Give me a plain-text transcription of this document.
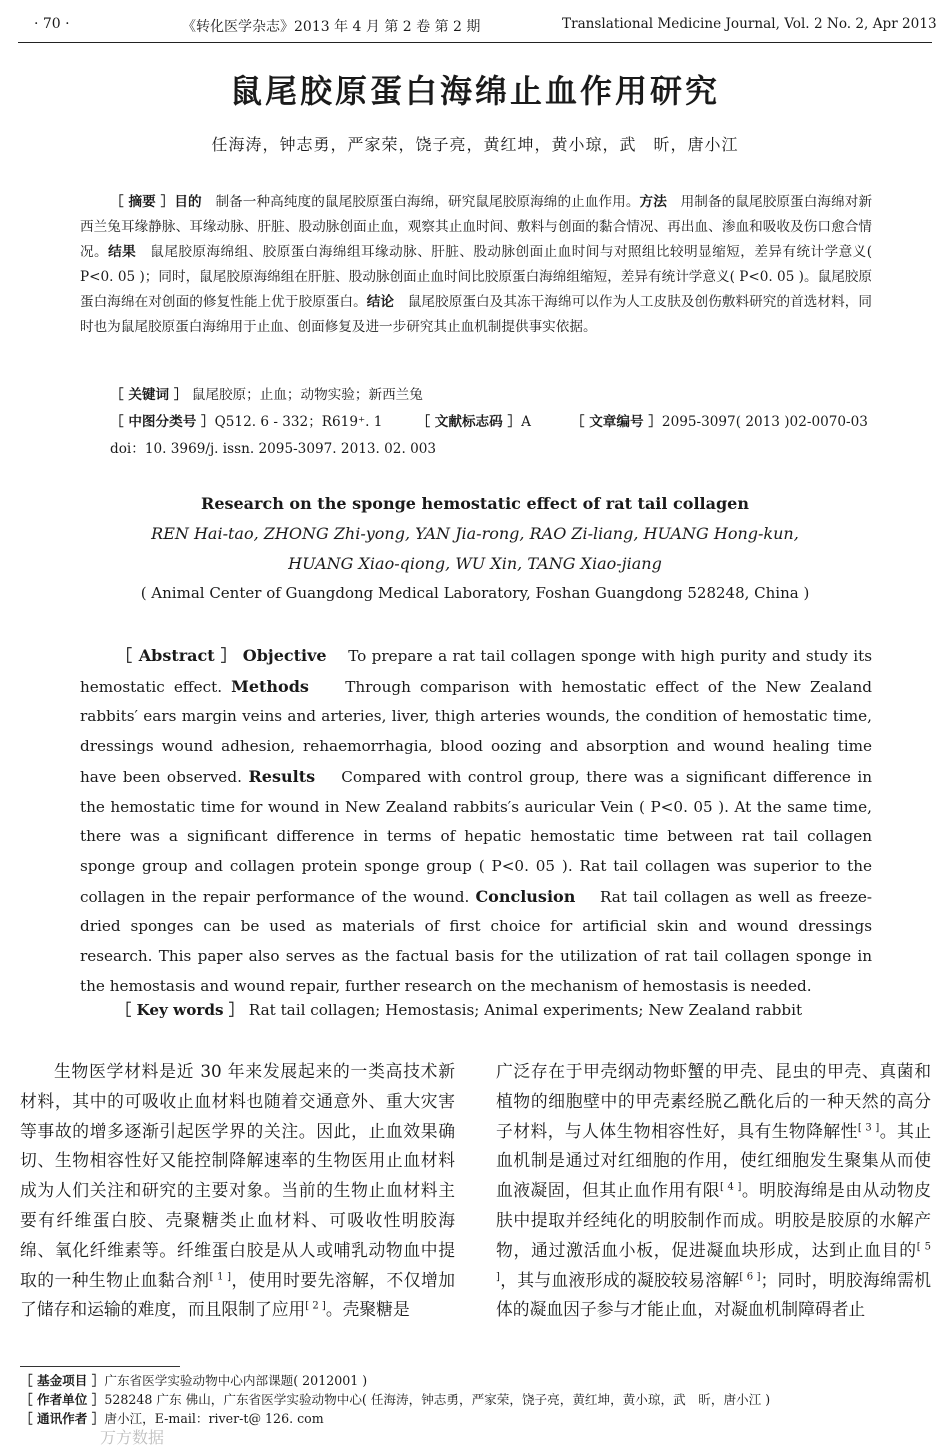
· 70 ·	《转化医学杂志》2013 年 4 月 第 2 卷 第 2 期	Translational Medicine Journal, Vol. 2 No. 2, Apr 2013
鼠尾胶原蛋白海绵止血作用研究
任海涛，钟志勇，严家荣，饶子亮，黄红坤，黄小琼，武　昕，唐小江

［ 摘要 ］目的　 制备一种高纯度的鼠尾胶原蛋白海绵，研究鼠尾胶原海绵的止血作用。方法　 用制备的鼠尾胶原蛋白海绵对新西兰兔耳缘静脉、耳缘动脉、肝脏、股动脉创面止血，观察其止血时间、敷料与创面的黏合情况、再出血、渗血和吸收及伤口愈合情况。结果　 鼠尾胶原海绵组、胶原蛋白海绵组耳缘动脉、肝脏、股动脉创面止血时间与对照组比较明显缩短，差异有统计学意义( P<0. 05 )；同时，鼠尾胶原海绵组在肝脏、股动脉创面止血时间比胶原蛋白海绵组缩短，差异有统计学意义( P<0. 05 )。鼠尾胶原蛋白海绵在对创面的修复性能上优于胶原蛋白。结论　 鼠尾胶原蛋白及其冻干海绵可以作为人工皮肤及创伤敷料研究的首选材料，同时也为鼠尾胶原蛋白海绵用于止血、创面修复及进一步研究其止血机制提供事实依据。

［ 关键词 ］ 鼠尾胶原；止血；动物实验；新西兰兔
［ 中图分类号 ］Q512. 6 - 332；R619⁺. 1	［ 文献标志码 ］A	［ 文章编号 ］2095-3097( 2013 )02-0070-03
doi：10. 3969/j. issn. 2095-3097. 2013. 02. 003
Research on the sponge hemostatic effect of rat tail collagen
REN Hai-tao, ZHONG Zhi-yong, YAN Jia-rong, RAO Zi-liang, HUANG Hong-kun,
HUANG Xiao-qiong, WU Xin, TANG Xiao-jiang
( Animal Center of Guangdong Medical Laboratory, Foshan Guangdong 528248, China )

［ Abstract ］ Objective To prepare a rat tail collagen sponge with high purity and study its hemostatic effect. Methods Through comparison with hemostatic effect of the New Zealand rabbits′ ears margin veins and arteries, liver, thigh arteries wounds, the condition of hemostatic time, dressings wound adhesion, rehaemorrhagia, blood oozing and absorption and wound healing time have been observed. Results Compared with control group, there was a significant difference in the hemostatic time for wound in New Zealand rabbits′s auricular Vein ( P<0. 05 ). At the same time, there was a significant difference in terms of hepatic hemostatic time between rat tail collagen sponge group and collagen protein sponge group ( P<0. 05 ). Rat tail collagen was superior to the collagen in the repair performance of the wound. Conclusion Rat tail collagen as well as freeze-dried sponges can be used as materials of first choice for artificial skin and wound dressings research. This paper also serves as the factual basis for the utilization of rat tail collagen sponge in the hemostasis and wound repair, further research on the mechanism of hemostasis is needed.

［ Key words ］ Rat tail collagen; Hemostasis; Animal experiments; New Zealand rabbit

生物医学材料是近 30 年来发展起来的一类高技术新材料，其中的可吸收止血材料也随着交通意外、重大灾害等事故的增多逐渐引起医学界的关注。因此，止血效果确切、生物相容性好又能控制降解速率的生物医用止血材料成为人们关注和研究的主要对象。当前的生物止血材料主要有纤维蛋白胶、壳聚糖类止血材料、可吸收性明胶海绵、氧化纤维素等。纤维蛋白胶是从人或哺乳动物血中提取的一种生物止血黏合剂[ 1 ]，使用时要先溶解，不仅增加了储存和运输的难度，而且限制了应用[ 2 ]。壳聚糖是

广泛存在于甲壳纲动物虾蟹的甲壳、昆虫的甲壳、真菌和植物的细胞壁中的甲壳素经脱乙酰化后的一种天然的高分子材料，与人体生物相容性好，具有生物降解性[ 3 ]。其止血机制是通过对红细胞的作用，使红细胞发生聚集从而使血液凝固，但其止血作用有限[ 4 ]。明胶海绵是由从动物皮肤中提取并经纯化的明胶制作而成。明胶是胶原的水解产物，通过激活血小板，促进凝血块形成，达到止血目的[ 5 ]，其与血液形成的凝胶较易溶解[ 6 ]；同时，明胶海绵需机体的凝血因子参与才能止血，对凝血机制障碍者止

［ 基金项目 ］广东省医学实验动物中心内部课题( 2012001 )
［ 作者单位 ］528248 广东 佛山，广东省医学实验动物中心( 任海涛，钟志勇，严家荣，饶子亮，黄红坤，黄小琼，武　昕，唐小江 )
［ 通讯作者 ］唐小江，E-mail：river-t@ 126. com
万方数据
